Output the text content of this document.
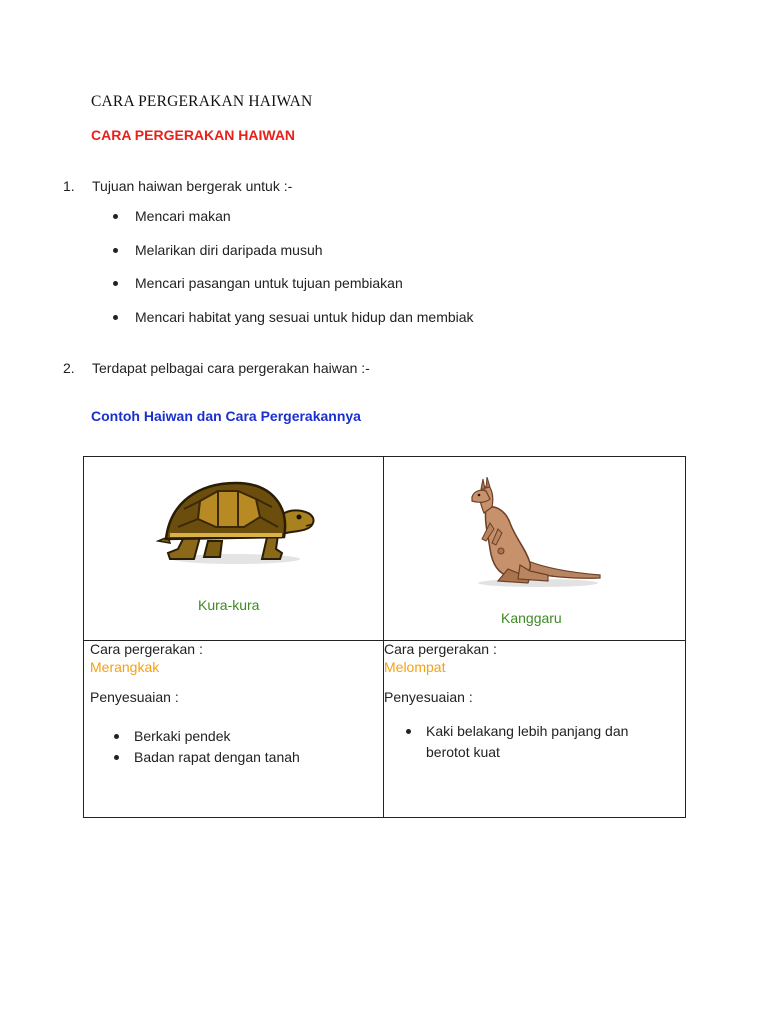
CARA PERGERAKAN HAIWAN
CARA PERGERAKAN HAIWAN
1. Tujuan haiwan bergerak untuk :-
Mencari makan
Melarikan diri daripada musuh
Mencari pasangan untuk tujuan pembiakan
Mencari habitat yang sesuai untuk hidup dan membiak
2. Terdapat pelbagai cara pergerakan haiwan :-
Contoh Haiwan dan Cara Pergerakannya
Kura-kura
Kanggaru
Cara pergerakan :
Merangkak
Penyesuaian :
Berkaki pendek
Badan rapat dengan tanah
Cara pergerakan :
Melompat
Penyesuaian :
Kaki belakang lebih panjang dan berotot kuat
